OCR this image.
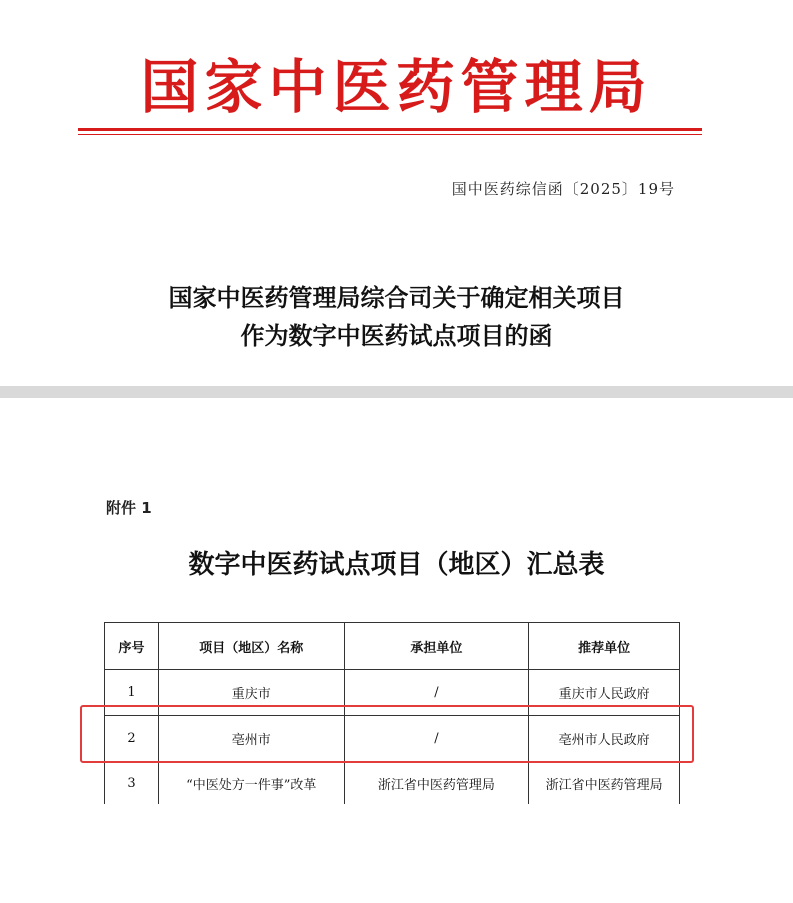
国家中医药管理局
国中医药综信函〔2025〕19号
国家中医药管理局综合司关于确定相关项目
作为数字中医药试点项目的函
附件 1
数字中医药试点项目（地区）汇总表
序号	项目（地区）名称	承担单位	推荐单位
1	重庆市	/	重庆市人民政府
2	亳州市	/	亳州市人民政府
3	“中医处方一件事”改革	浙江省中医药管理局	浙江省中医药管理局
